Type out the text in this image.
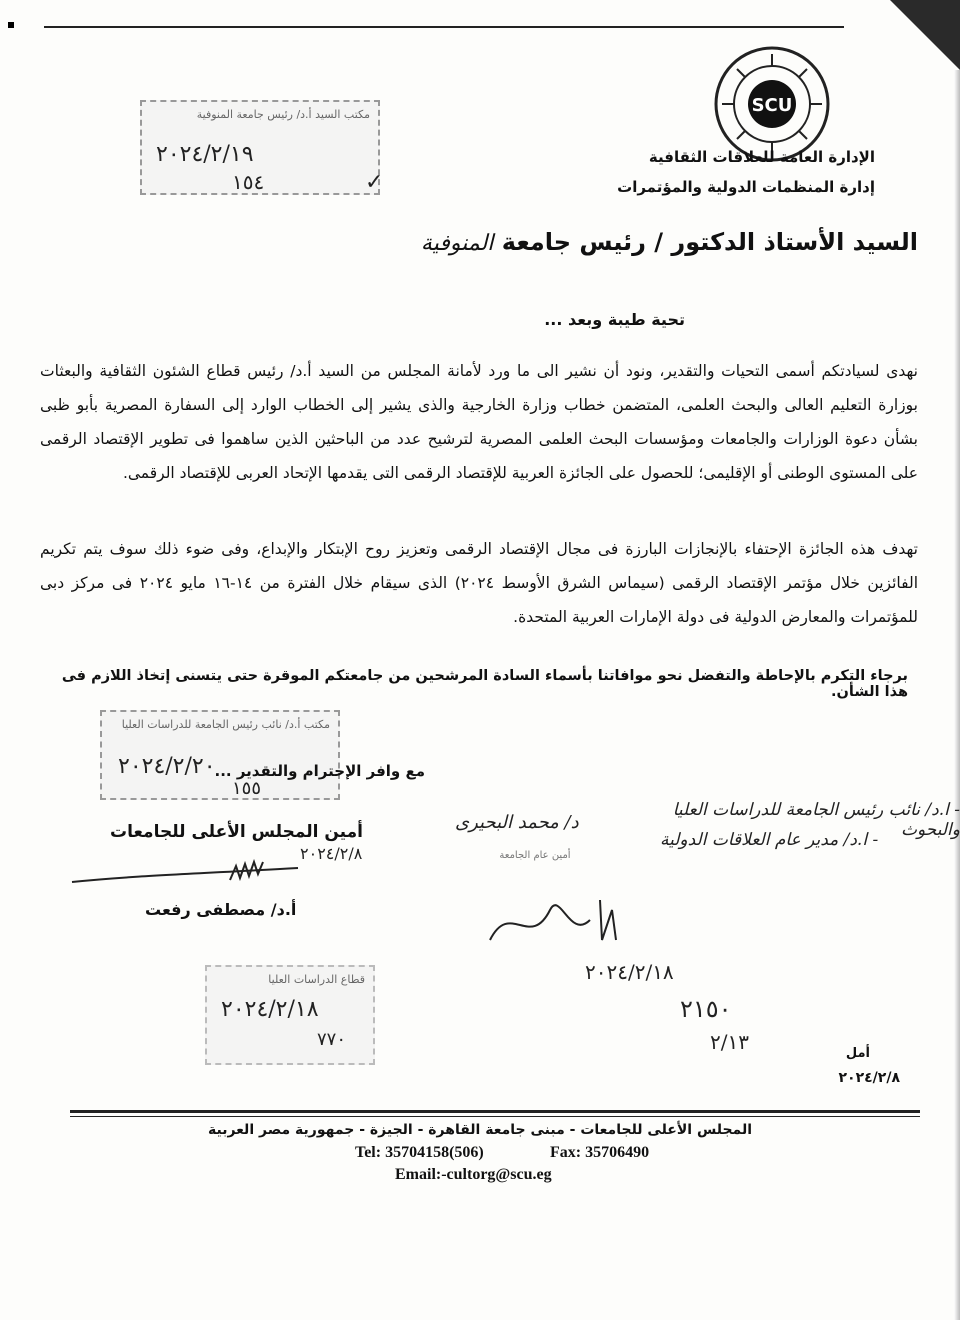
SCU
الإدارة العامة للعلاقات الثقافية
إدارة المنظمات الدولية والمؤتمرات
مكتب السيد أ.د/ رئيس جامعة المنوفية
٢٠٢٤/٢/١٩
١٥٤	✓
السيد الأستاذ الدكتور / رئيس جامعة المنوفية
تحية طيبة وبعد ...
نهدى لسيادتكم أسمى التحيات والتقدير، ونود أن نشير الى ما ورد لأمانة المجلس من السيد أ.د/ رئيس قطاع الشئون الثقافية والبعثات بوزارة التعليم العالى والبحث العلمى، المتضمن خطاب وزارة الخارجية والذى يشير إلى الخطاب الوارد إلى السفارة المصرية بأبو ظبى بشأن دعوة الوزارات والجامعات ومؤسسات البحث العلمى المصرية لترشيح عدد من الباحثين الذين ساهموا فى تطوير الإقتصاد الرقمى على المستوى الوطنى أو الإقليمى؛ للحصول على الجائزة العربية للإقتصاد الرقمى التى يقدمها الإتحاد العربى للإقتصاد الرقمى.
تهدف هذه الجائزة الإحتفاء بالإنجازات البارزة فى مجال الإقتصاد الرقمى وتعزيز روح الإبتكار والإبداع، وفى ضوء ذلك سوف يتم تكريم الفائزين خلال مؤتمر الإقتصاد الرقمى (سيماس الشرق الأوسط ٢٠٢٤) الذى سيقام خلال الفترة من ١٤-١٦ مايو ٢٠٢٤ فى مركز دبى للمؤتمرات والمعارض الدولية فى دولة الإمارات العربية المتحدة.
برجاء التكرم بالإحاطة والتفضل نحو موافاتنا بأسماء السادة المرشحين من جامعتكم الموقرة حتى يتسنى إتخاذ اللازم فى هذا الشأن.
مكتب أ.د/ نائب رئيس الجامعة للدراسات العليا
٢٠٢٤/٢/٢٠
١٥٥
مع وافر الإحترام والتقدير ...
أمين المجلس الأعلى للجامعات
٢٠٢٤/٢/٨
أ.د/ مصطفى رفعت
- ا.د/ نائب رئيس الجامعة للدراسات العليا والبحوث
- ا.د/ مدير عام العلاقات الدولية
د/ محمد البحيرى
أمين عام الجامعة
٢٠٢٤/٢/١٨
٢١٥٠
٢/١٣
قطاع الدراسات العليا
٢٠٢٤/٢/١٨
٧٧٠
أمل
٢٠٢٤/٢/٨
المجلس الأعلى للجامعات - مبنى جامعة القاهرة - الجيزة - جمهورية مصر العربية
Tel: 35704158(506)	Fax: 35706490
Email:-cultorg@scu.eg
